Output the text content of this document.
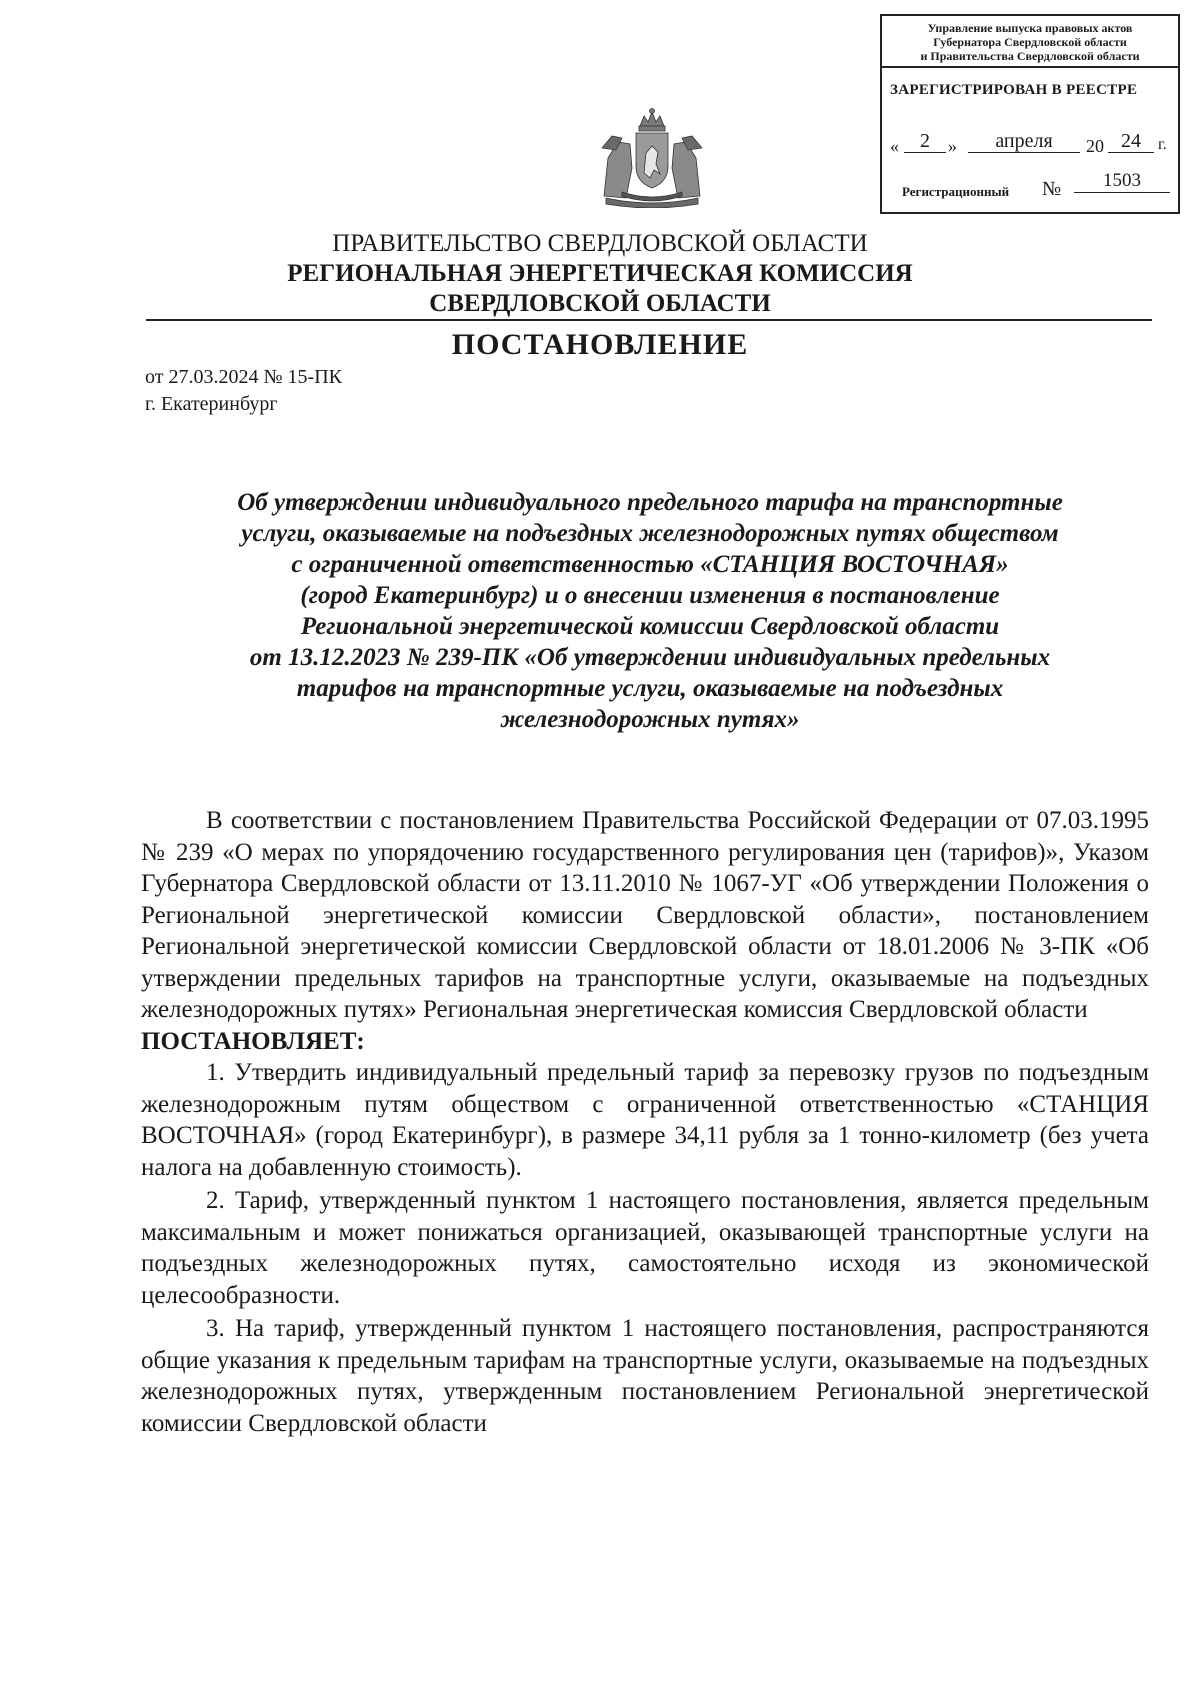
Управление выпуска правовых актов
Губернатора Свердловской области
и Правительства Свердловской области
ЗАРЕГИСТРИРОВАН В РЕЕСТРЕ
«	2	»	апреля	20 24	г.
Регистрационный №	1503
ПРАВИТЕЛЬСТВО СВЕРДЛОВСКОЙ ОБЛАСТИ
РЕГИОНАЛЬНАЯ ЭНЕРГЕТИЧЕСКАЯ КОМИССИЯ
СВЕРДЛОВСКОЙ ОБЛАСТИ
ПОСТАНОВЛЕНИЕ
от 27.03.2024 № 15-ПК
г. Екатеринбург
Об утверждении индивидуального предельного тарифа на транспортные
услуги, оказываемые на подъездных железнодорожных путях обществом
с ограниченной ответственностью «СТАНЦИЯ ВОСТОЧНАЯ»
(город Екатеринбург) и о внесении изменения в постановление
Региональной энергетической комиссии Свердловской области
от 13.12.2023 № 239-ПК «Об утверждении индивидуальных предельных
тарифов на транспортные услуги, оказываемые на подъездных
железнодорожных путях»

В соответствии с постановлением Правительства Российской Федерации от 07.03.1995 № 239 «О мерах по упорядочению государственного регулирования цен (тарифов)», Указом Губернатора Свердловской области от 13.11.2010 № 1067-УГ «Об утверждении Положения о Региональной энергетической комиссии Свердловской области», постановлением Региональной энергетической комиссии Свердловской области от 18.01.2006 № 3-ПК «Об утверждении предельных тарифов на транспортные услуги, оказываемые на подъездных железнодорожных путях» Региональная энергетическая комиссия Свердловской области

ПОСТАНОВЛЯЕТ:

1. Утвердить индивидуальный предельный тариф за перевозку грузов по подъездным железнодорожным путям обществом с ограниченной ответственностью «СТАНЦИЯ ВОСТОЧНАЯ» (город Екатеринбург), в размере 34,11 рубля за 1 тонно-километр (без учета налога на добавленную стоимость).

2. Тариф, утвержденный пунктом 1 настоящего постановления, является предельным максимальным и может понижаться организацией, оказывающей транспортные услуги на подъездных железнодорожных путях, самостоятельно исходя из экономической целесообразности.

3. На тариф, утвержденный пунктом 1 настоящего постановления, распространяются общие указания к предельным тарифам на транспортные услуги, оказываемые на подъездных железнодорожных путях, утвержденным постановлением Региональной энергетической комиссии Свердловской области
